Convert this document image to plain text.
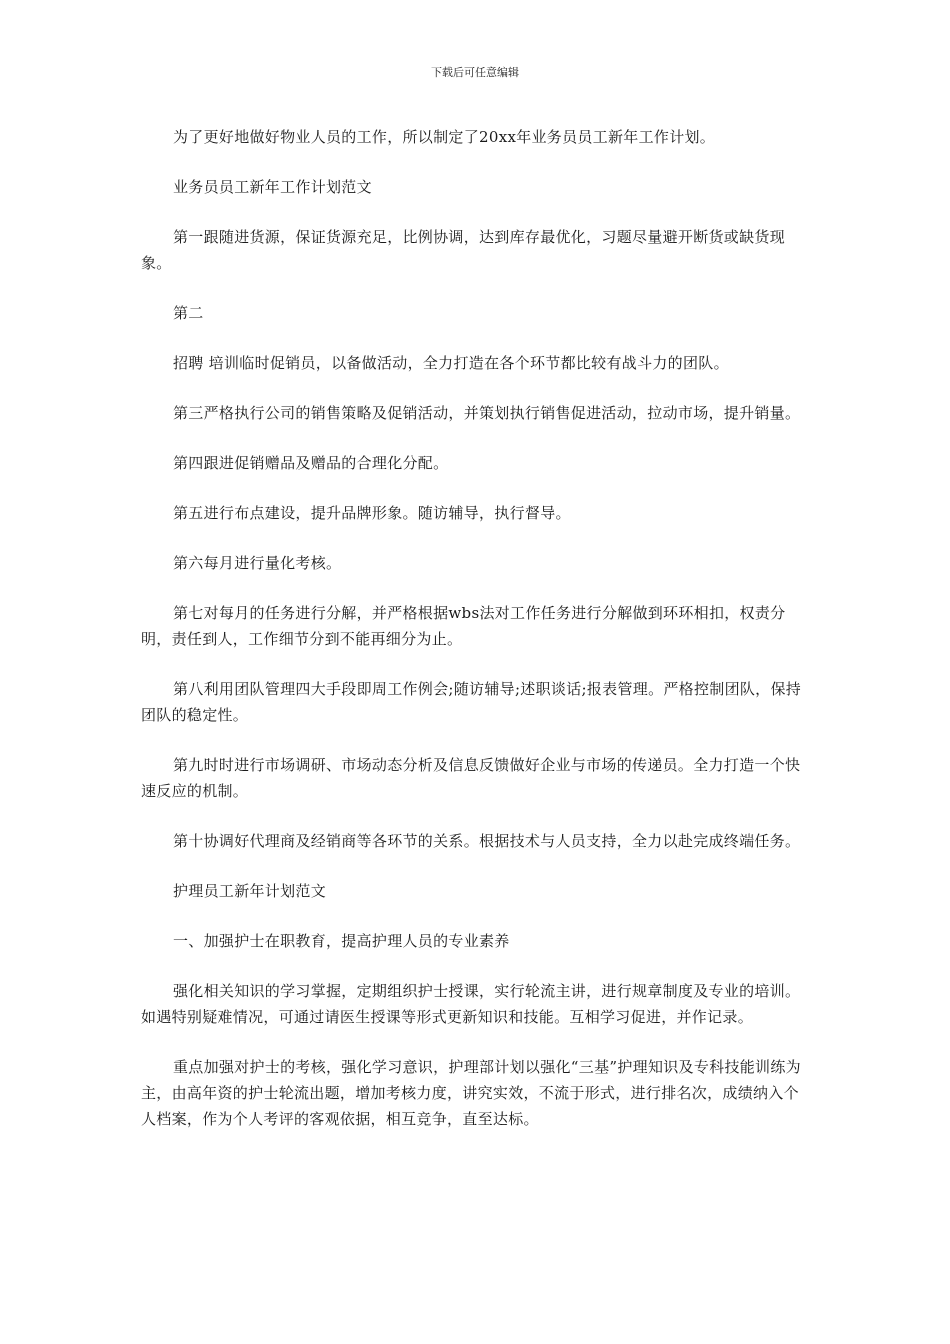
下载后可任意编辑

为了更好地做好物业人员的工作，所以制定了20xx年业务员员工新年工作计划。

业务员员工新年工作计划范文

第一跟随进货源，保证货源充足，比例协调，达到库存最优化，习题尽量避开断货或缺货现象。

第二

招聘 培训临时促销员，以备做活动，全力打造在各个环节都比较有战斗力的团队。

第三严格执行公司的销售策略及促销活动，并策划执行销售促进活动，拉动市场，提升销量。

第四跟进促销赠品及赠品的合理化分配。

第五进行布点建设，提升品牌形象。随访辅导，执行督导。

第六每月进行量化考核。

第七对每月的任务进行分解，并严格根据wbs法对工作任务进行分解做到环环相扣，权责分明，责任到人，工作细节分到不能再细分为止。

第八利用团队管理四大手段即周工作例会;随访辅导;述职谈话;报表管理。严格控制团队，保持团队的稳定性。

第九时时进行市场调研、市场动态分析及信息反馈做好企业与市场的传递员。全力打造一个快速反应的机制。

第十协调好代理商及经销商等各环节的关系。根据技术与人员支持，全力以赴完成终端任务。

护理员工新年计划范文

一、加强护士在职教育，提高护理人员的专业素养

强化相关知识的学习掌握，定期组织护士授课，实行轮流主讲，进行规章制度及专业的培训。如遇特别疑难情况，可通过请医生授课等形式更新知识和技能。互相学习促进，并作记录。

重点加强对护士的考核，强化学习意识，护理部计划以强化“三基”护理知识及专科技能训练为主，由高年资的护士轮流出题，增加考核力度，讲究实效，不流于形式，进行排名次，成绩纳入个人档案，作为个人考评的客观依据，相互竞争，直至达标。
